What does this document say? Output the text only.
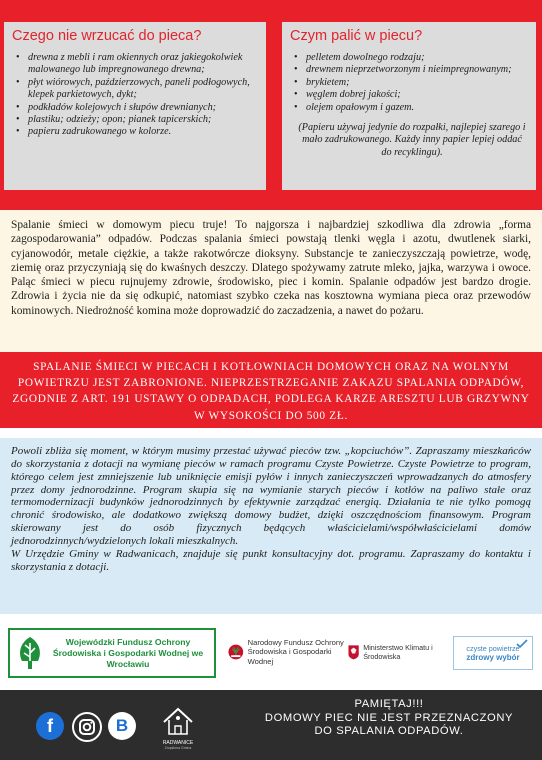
Czego nie wrzucać do pieca?
• drewna z mebli i ram okiennych oraz jakiegokolwiek malowanego lub impregnowanego drewna;
• płyt wiórowych, paździerzowych, paneli podłogowych, klepek parkietowych, dykt;
• podkładów kolejowych i słupów drewnianych;
• plastiku; odzieży; opon; pianek tapicerskich;
• papieru zadrukowanego w kolorze.
Czym palić w piecu?
• pelletem dowolnego rodzaju;
• drewnem nieprzetworzonym i nieimpregnowanym;
• brykietem;
• węglem dobrej jakości;
• olejem opałowym i gazem.

(Papieru używaj jedynie do rozpałki, najlepiej szarego i mało zadrukowanego. Każdy inny papier lepiej oddać do recyklingu).

Spalanie śmieci w domowym piecu truje! To najgorsza i najbardziej szkodliwa dla zdrowia „forma zagospodarowania” odpadów. Podczas spalania śmieci powstają tlenki węgla i azotu, dwutlenek siarki, cyjanowodór, metale ciężkie, a także rakotwórcze dioksyny. Substancje te zanieczyszczają powietrze, wodę, ziemię oraz przyczyniają się do kwaśnych deszczy. Dlatego spożywamy zatrute mleko, jajka, warzywa i owoce. Paląc śmieci w piecu rujnujemy zdrowie, środowisko, piec i komin. Spalanie odpadów jest bardzo drogie. Zdrowia i życia nie da się odkupić, natomiast szybko czeka nas kosztowna wymiana pieca oraz przewodów kominowych. Niedrożność komina może doprowadzić do zaczadzenia, a nawet do pożaru.

SPALANIE ŚMIECI W PIECACH I KOTŁOWNIACH DOMOWYCH ORAZ NA WOLNYM POWIETRZU JEST ZABRONIONE. NIEPRZESTRZEGANIE ZAKAZU SPALANIA ODPADÓW, ZGODNIE Z ART. 191 USTAWY O ODPADACH, PODLEGA KARZE ARESZTU LUB GRZYWNY W WYSOKOŚCI DO 500 ZŁ.

Powoli zbliża się moment, w którym musimy przestać używać pieców tzw. „kopciuchów”. Zapraszamy mieszkańców do skorzystania z dotacji na wymianę pieców w ramach programu Czyste Powietrze. Czyste Powietrze to program, którego celem jest zmniejszenie lub uniknięcie emisji pyłów i innych zanieczyszczeń wprowadzanych do atmosfery przez domy jednorodzinne. Program skupia się na wymianie starych pieców i kotłów na paliwo stałe oraz termomodernizacji budynków jednorodzinnych by efektywnie zarządzać energią. Działania te nie tylko pomogą chronić środowisko, ale dodatkowo zwiększą domowy budżet, dzięki oszczędnościom finansowym. Program skierowany jest do osób fizycznych będących właścicielami/współwłaścicielami domów jednorodzinnych/wydzielonych lokali mieszkalnych.

W Urzędzie Gminy w Radwanicach, znajduje się punkt konsultacyjny dot. programu. Zapraszamy do kontaktu i skorzystania z dotacji.

Wojewódzki Fundusz Ochrony Środowiska i Gospodarki Wodnej we Wrocławiu
Narodowy Fundusz Ochrony Środowiska i Gospodarki Wodnej
Ministerstwo Klimatu i Środowiska
czyste powietrze
zdrowy wybór
f	B
RADWANICE
Zrzęślona Gmina
PAMIĘTAJ!!!
DOMOWY PIEC NIE JEST PRZEZNACZONY
DO SPALANIA ODPADÓW.
